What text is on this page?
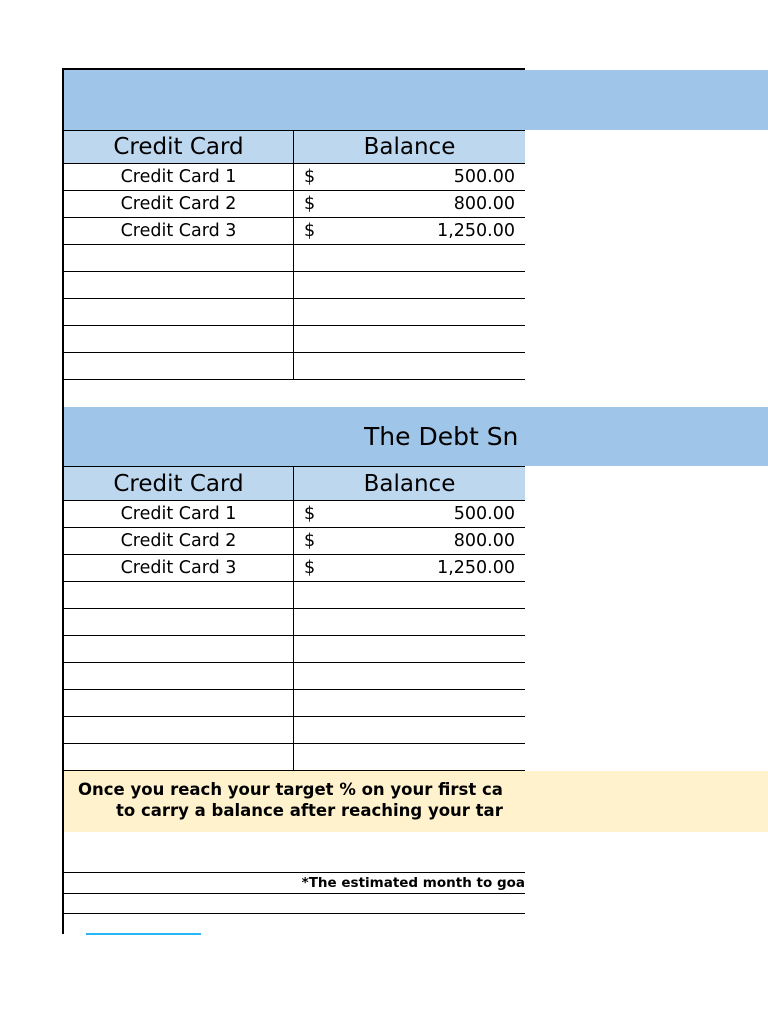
Credit Card	Balance
Credit Card 1	$	500.00
Credit Card 2	$	800.00
Credit Card 3	$	1,250.00
The Debt Sn
Credit Card	Balance
Credit Card 1	$	500.00
Credit Card 2	$	800.00
Credit Card 3	$	1,250.00
Once you reach your target % on your first ca
to carry a balance after reaching your tar
*The estimated month to goa
